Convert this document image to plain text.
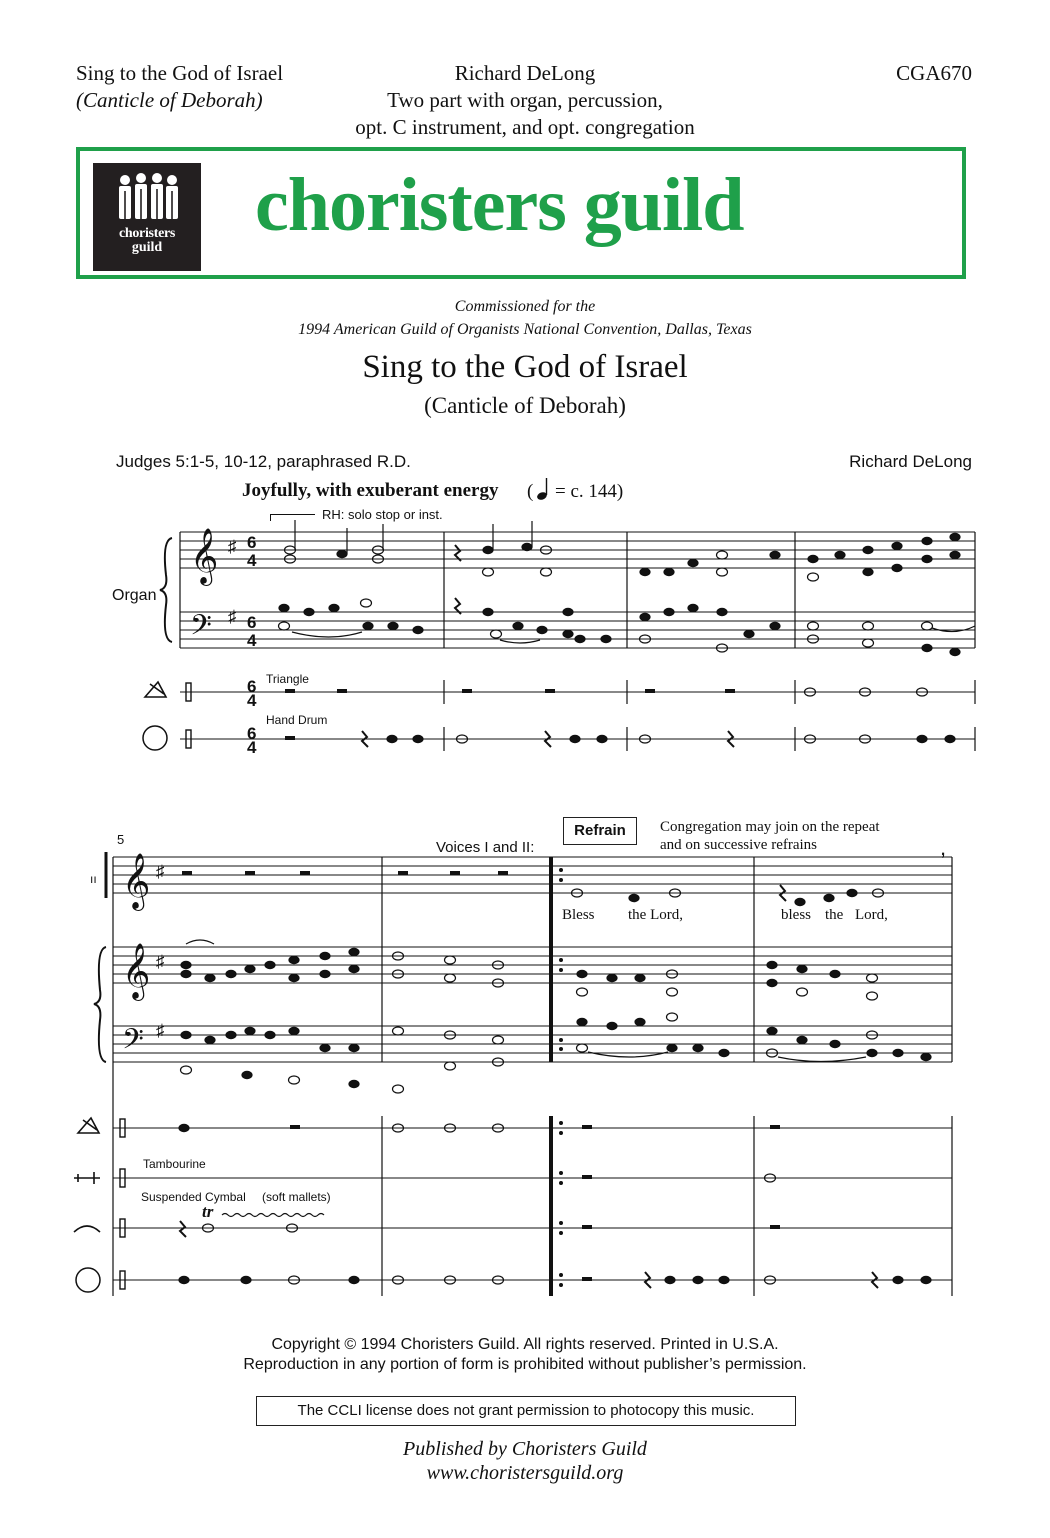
Sing to the God of Israel
(Canticle of Deborah)
Richard DeLong
Two part with organ, percussion,
opt. C instrument, and opt. congregation
CGA670
choristers
guild
choristers guild
Commissioned for the
1994 American Guild of Organists National Convention, Dallas, Texas
Sing to the God of Israel
(Canticle of Deborah)
Judges 5:1-5, 10-12, paraphrased R.D.	Richard DeLong
Joyfully, with exuberant energy ( = c. 144)
RH: solo stop or inst.
Organ
𝄞
𝄢
♯
♯
6
4
6
4
6
4
6
4
Triangle
Hand Drum
5	Voices I and II:
Refrain	Congregation may join on the repeat
and on successive refrains
Bless the Lord,	bless the Lord,
Tambourine
Suspended Cymbal (soft mallets)
tr
ıı 𝄞
𝄞
𝄢
♯
♯
♯
,
Copyright © 1994 Choristers Guild. All rights reserved. Printed in U.S.A.
Reproduction in any portion of form is prohibited without publisher’s permission.
The CCLI license does not grant permission to photocopy this music.
Published by Choristers Guild
www.choristersguild.org
